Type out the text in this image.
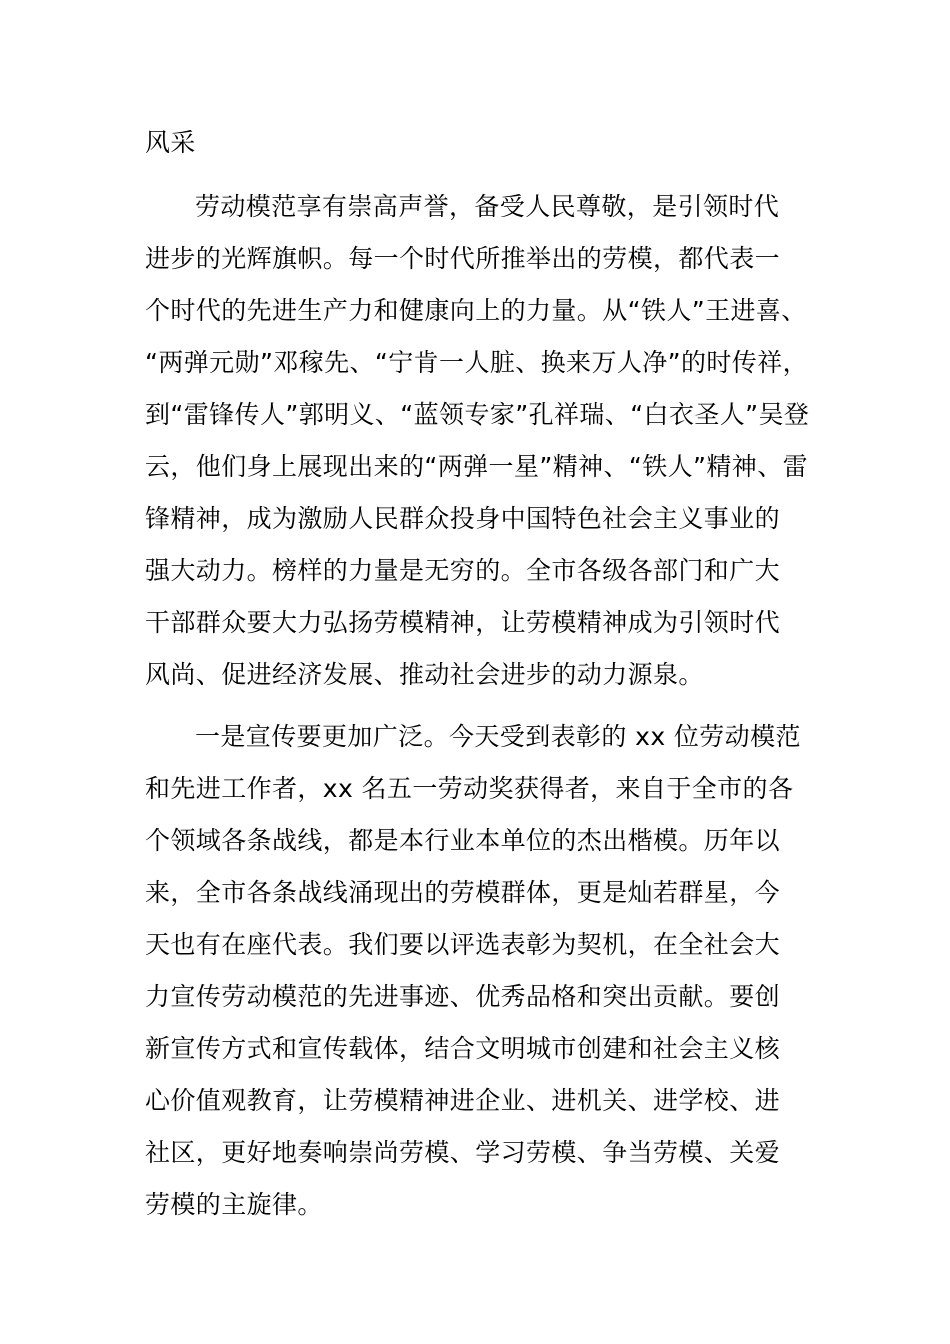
风采
劳动模范享有崇高声誉，备受人民尊敬，是引领时代
进步的光辉旗帜。每一个时代所推举出的劳模，都代表一
个时代的先进生产力和健康向上的力量。从“铁人”王进喜、
“两弹元勋”邓稼先、“宁肯一人脏、换来万人净”的时传祥，
到“雷锋传人”郭明义、“蓝领专家”孔祥瑞、“白衣圣人”吴登
云，他们身上展现出来的“两弹一星”精神、“铁人”精神、雷
锋精神，成为激励人民群众投身中国特色社会主义事业的
强大动力。榜样的力量是无穷的。全市各级各部门和广大
干部群众要大力弘扬劳模精神，让劳模精神成为引领时代
风尚、促进经济发展、推动社会进步的动力源泉。
一是宣传要更加广泛。今天受到表彰的 xx 位劳动模范
和先进工作者，xx 名五一劳动奖获得者，来自于全市的各
个领域各条战线，都是本行业本单位的杰出楷模。历年以
来，全市各条战线涌现出的劳模群体，更是灿若群星，今
天也有在座代表。我们要以评选表彰为契机，在全社会大
力宣传劳动模范的先进事迹、优秀品格和突出贡献。要创
新宣传方式和宣传载体，结合文明城市创建和社会主义核
心价值观教育，让劳模精神进企业、进机关、进学校、进
社区，更好地奏响崇尚劳模、学习劳模、争当劳模、关爱
劳模的主旋律。
